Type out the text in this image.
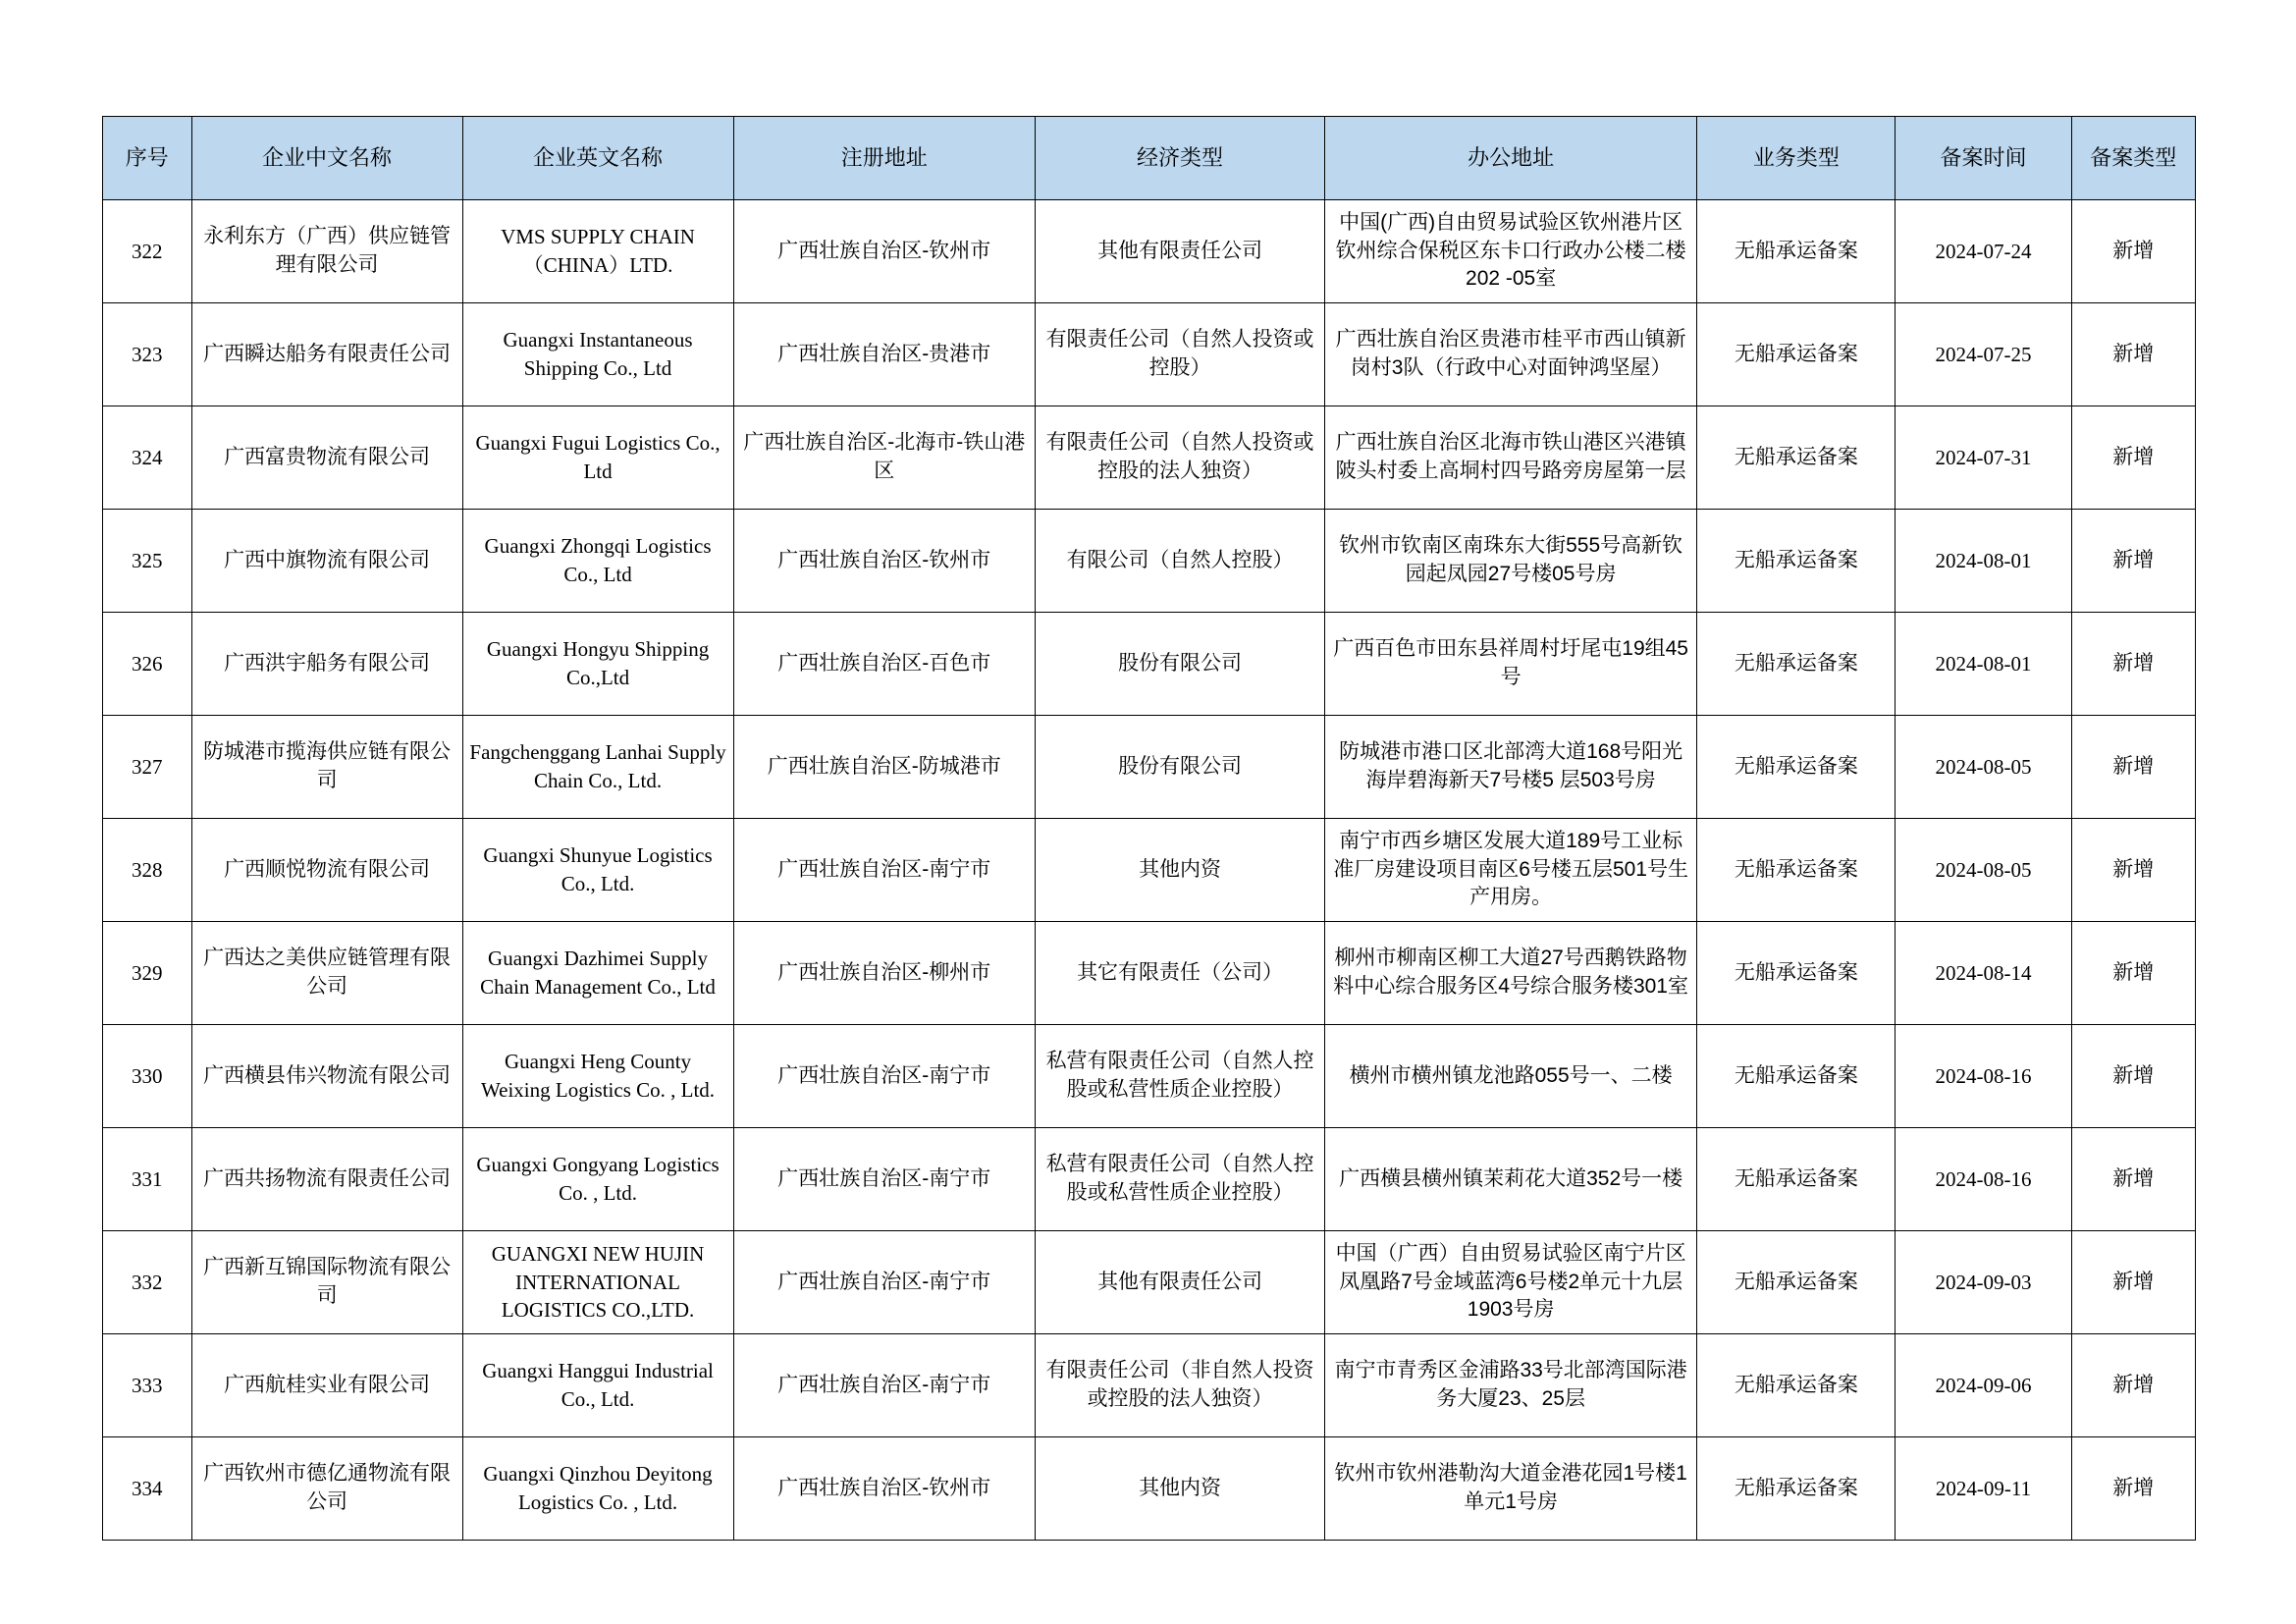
序号	企业中文名称	企业英文名称	注册地址	经济类型	办公地址	业务类型	备案时间	备案类型
322	永利东方（广西）供应链管理有限公司	VMS SUPPLY CHAIN（CHINA）LTD.	广西壮族自治区-钦州市	其他有限责任公司	中国(广西)自由贸易试验区钦州港片区钦州综合保税区东卡口行政办公楼二楼202 -05室	无船承运备案	2024-07-24	新增
323	广西瞬达船务有限责任公司	Guangxi Instantaneous Shipping Co., Ltd	广西壮族自治区-贵港市	有限责任公司（自然人投资或控股）	广西壮族自治区贵港市桂平市西山镇新岗村3队（行政中心对面钟鸿坚屋）	无船承运备案	2024-07-25	新增
324	广西富贵物流有限公司	Guangxi Fugui Logistics Co., Ltd	广西壮族自治区-北海市-铁山港区	有限责任公司（自然人投资或控股的法人独资）	广西壮族自治区北海市铁山港区兴港镇陂头村委上高垌村四号路旁房屋第一层	无船承运备案	2024-07-31	新增
325	广西中旗物流有限公司	Guangxi Zhongqi Logistics Co., Ltd	广西壮族自治区-钦州市	有限公司（自然人控股）	钦州市钦南区南珠东大街555号高新钦园起凤园27号楼05号房	无船承运备案	2024-08-01	新增
326	广西洪宇船务有限公司	Guangxi Hongyu Shipping Co.,Ltd	广西壮族自治区-百色市	股份有限公司	广西百色市田东县祥周村圩尾屯19组45号	无船承运备案	2024-08-01	新增
327	防城港市揽海供应链有限公司	Fangchenggang Lanhai Supply Chain Co., Ltd.	广西壮族自治区-防城港市	股份有限公司	防城港市港口区北部湾大道168号阳光海岸碧海新天7号楼5 层503号房	无船承运备案	2024-08-05	新增
328	广西顺悦物流有限公司	Guangxi Shunyue Logistics Co., Ltd.	广西壮族自治区-南宁市	其他内资	南宁市西乡塘区发展大道189号工业标准厂房建设项目南区6号楼五层501号生产用房。	无船承运备案	2024-08-05	新增
329	广西达之美供应链管理有限公司	Guangxi Dazhimei Supply Chain Management Co., Ltd	广西壮族自治区-柳州市	其它有限责任（公司）	柳州市柳南区柳工大道27号西鹅铁路物料中心综合服务区4号综合服务楼301室	无船承运备案	2024-08-14	新增
330	广西横县伟兴物流有限公司	Guangxi Heng County Weixing Logistics Co. , Ltd.	广西壮族自治区-南宁市	私营有限责任公司（自然人控股或私营性质企业控股）	横州市横州镇龙池路055号一、二楼	无船承运备案	2024-08-16	新增
331	广西共扬物流有限责任公司	Guangxi Gongyang Logistics Co. , Ltd.	广西壮族自治区-南宁市	私营有限责任公司（自然人控股或私营性质企业控股）	广西横县横州镇茉莉花大道352号一楼	无船承运备案	2024-08-16	新增
332	广西新互锦国际物流有限公司	GUANGXI NEW HUJIN INTERNATIONAL LOGISTICS CO.,LTD.	广西壮族自治区-南宁市	其他有限责任公司	中国（广西）自由贸易试验区南宁片区凤凰路7号金域蓝湾6号楼2单元十九层1903号房	无船承运备案	2024-09-03	新增
333	广西航桂实业有限公司	Guangxi Hanggui Industrial Co., Ltd.	广西壮族自治区-南宁市	有限责任公司（非自然人投资或控股的法人独资）	南宁市青秀区金浦路33号北部湾国际港务大厦23、25层	无船承运备案	2024-09-06	新增
334	广西钦州市德亿通物流有限公司	Guangxi Qinzhou Deyitong Logistics Co. , Ltd.	广西壮族自治区-钦州市	其他内资	钦州市钦州港勒沟大道金港花园1号楼1单元1号房	无船承运备案	2024-09-11	新增
